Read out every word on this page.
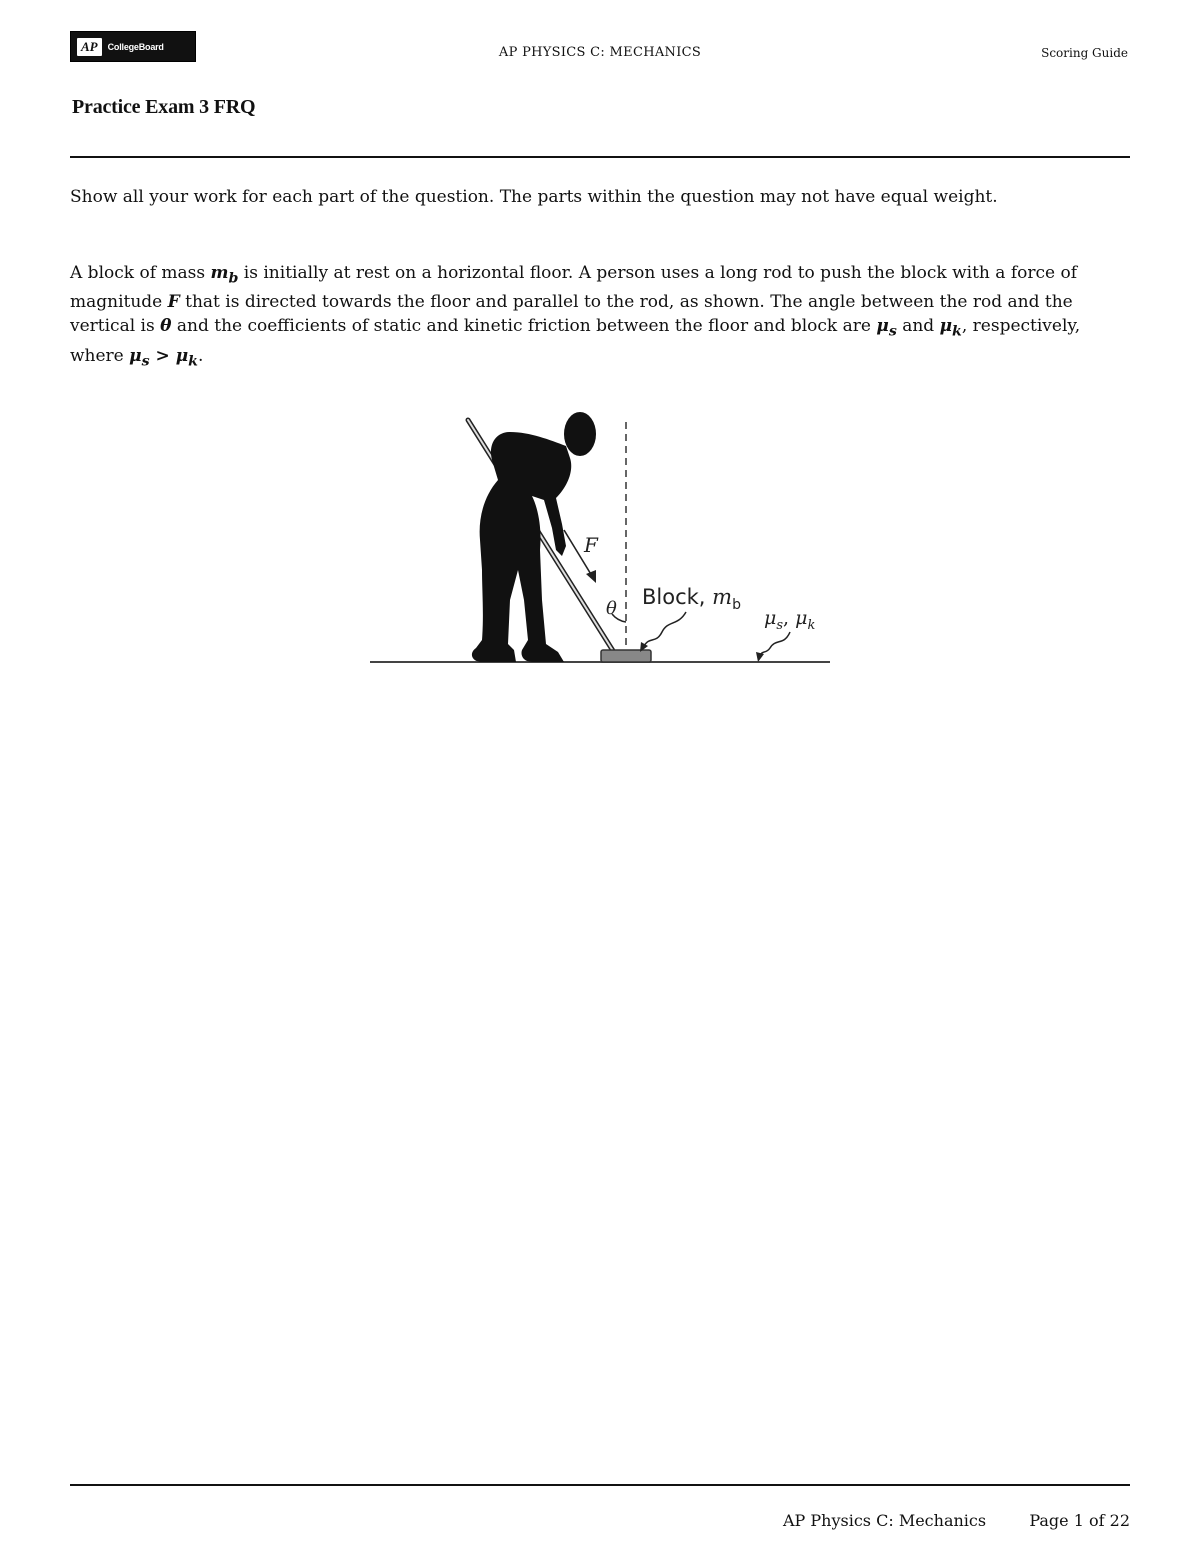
AP	CollegeBoard	AP PHYSICS C: MECHANICS	Scoring Guide
Practice Exam 3 FRQ
Show all your work for each part of the question. The parts within the question may not have equal weight.
A block of mass $m_b$ is initially at rest on a horizontal floor. A person uses a long rod to push the block with a force of magnitude F that is directed towards the floor and parallel to the rod, as shown. The angle between the rod and the vertical is θ and the coefficients of static and kinetic friction between the floor and block are $\mu_s$ and $\mu_k$, respectively, where $\mu_s > \mu_k$.
F
θ Block, $m_b$
$\mu_s$, $\mu_k$
AP Physics C: Mechanics	Page 1 of 22
